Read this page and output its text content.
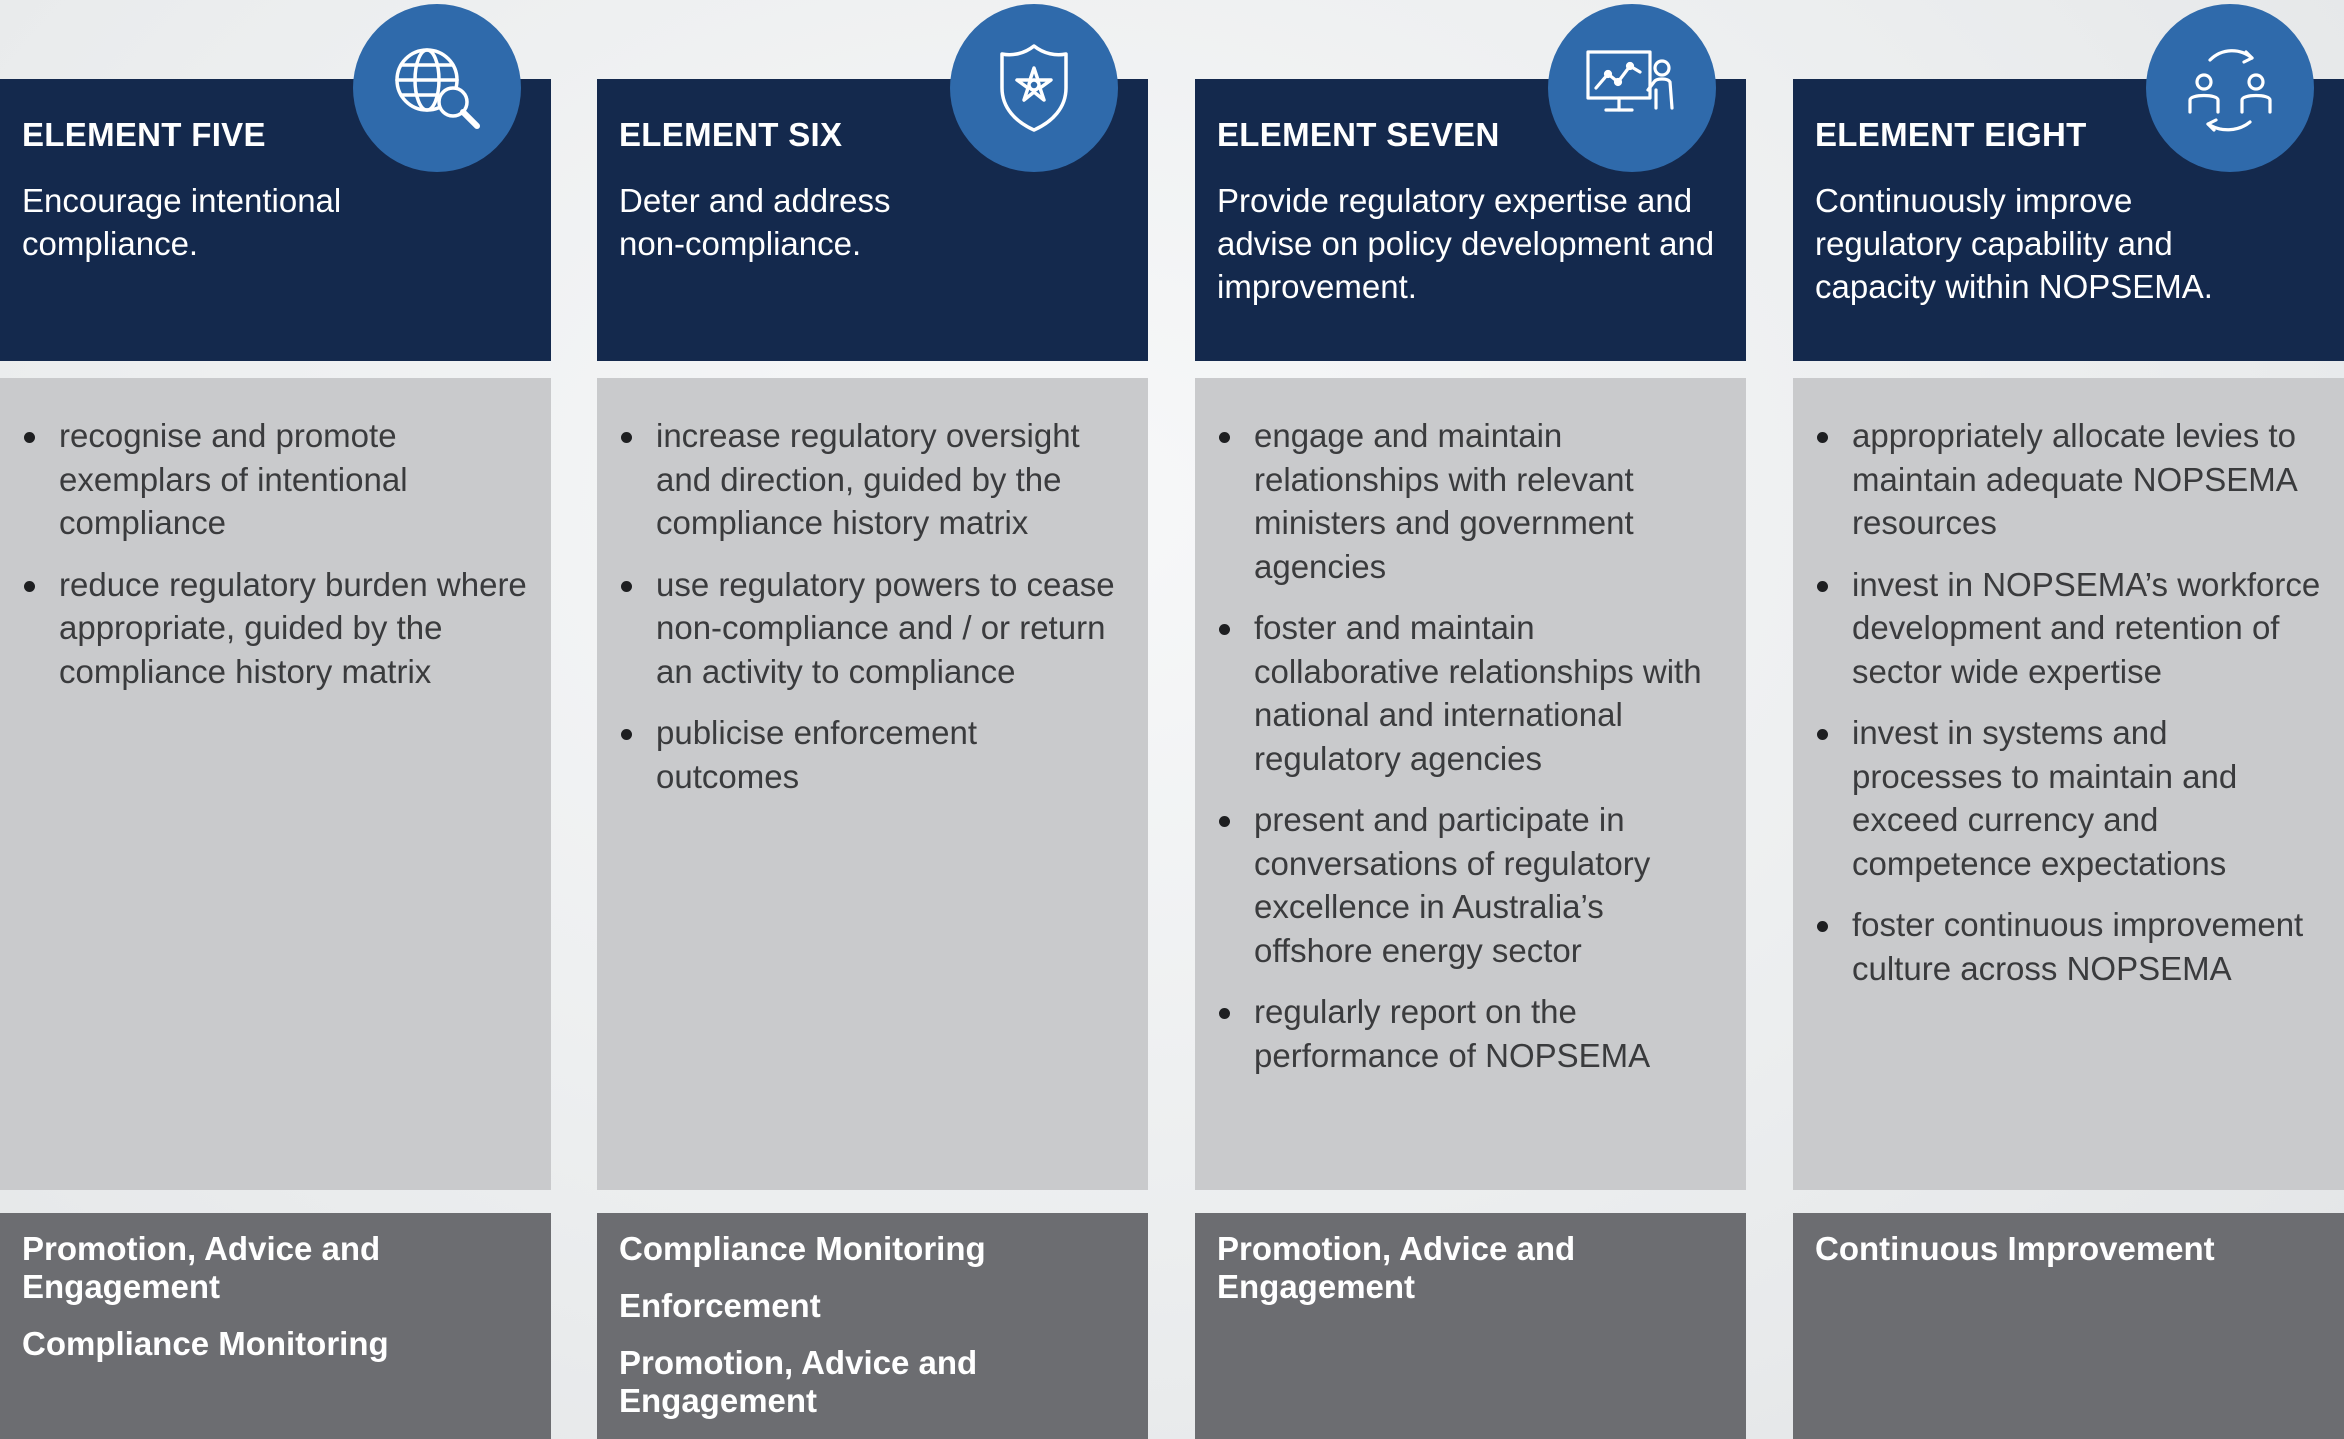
ELEMENT FIVE

Encourage intentional compliance.

recognise and promote exemplars of intentional compliance
reduce regulatory burden where appropriate, guided by the compliance history matrix
Promotion, Advice and Engagement
Compliance Monitoring
ELEMENT SIX

Deter and address non-compliance.

increase regulatory oversight and direction, guided by the compliance history matrix
use regulatory powers to cease non-compliance and / or return an activity to compliance
publicise enforcement outcomes
Compliance Monitoring
Enforcement
Promotion, Advice and Engagement
ELEMENT SEVEN

Provide regulatory expertise and advise on policy development and improvement.

engage and maintain relationships with relevant ministers and government agencies
foster and maintain collaborative relationships with national and international regulatory agencies
present and participate in conversations of regulatory excellence in Australia’s offshore energy sector
regularly report on the performance of NOPSEMA
Promotion, Advice and Engagement
ELEMENT EIGHT

Continuously improve regulatory capability and capacity within NOPSEMA.

appropriately allocate levies to maintain adequate NOPSEMA resources
invest in NOPSEMA’s workforce development and retention of sector wide expertise
invest in systems and processes to maintain and exceed currency and competence expectations
foster continuous improvement culture across NOPSEMA
Continuous Improvement
